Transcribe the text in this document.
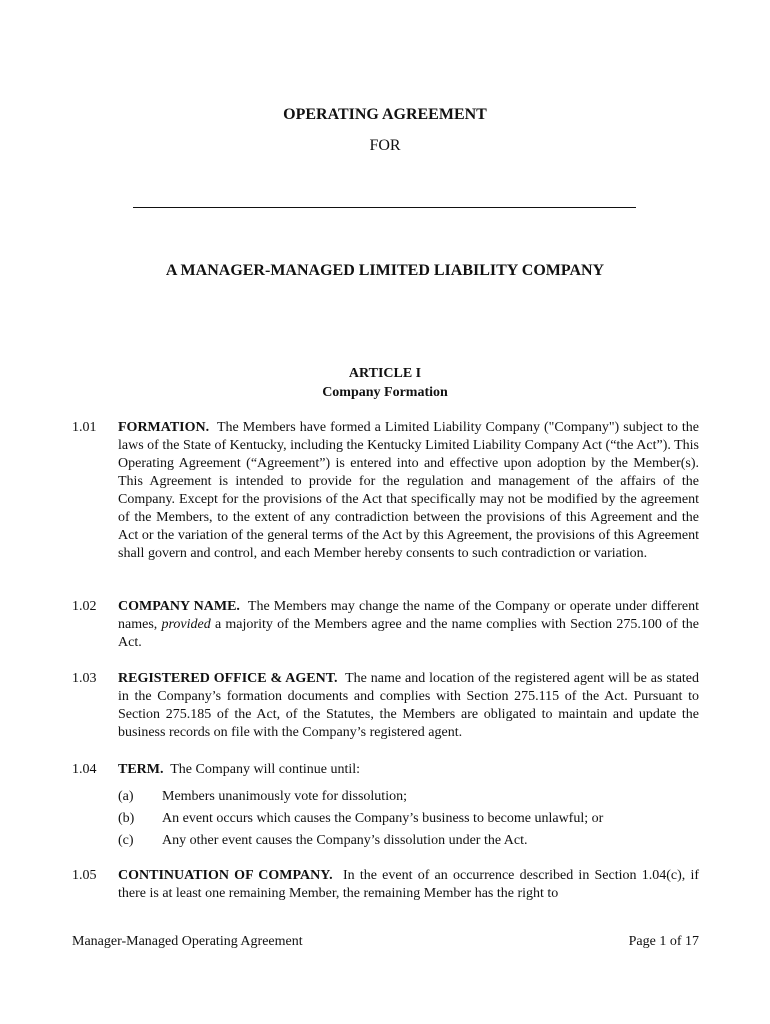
OPERATING AGREEMENT
FOR
A MANAGER-MANAGED LIMITED LIABILITY COMPANY
ARTICLE I
Company Formation
1.01 FORMATION. The Members have formed a Limited Liability Company ("Company") subject to the laws of the State of Kentucky, including the Kentucky Limited Liability Company Act (“the Act”). This Operating Agreement (“Agreement”) is entered into and effective upon adoption by the Member(s). This Agreement is intended to provide for the regulation and management of the affairs of the Company. Except for the provisions of the Act that specifically may not be modified by the agreement of the Members, to the extent of any contradiction between the provisions of this Agreement and the Act or the variation of the general terms of the Act by this Agreement, the provisions of this Agreement shall govern and control, and each Member hereby consents to such contradiction or variation.
1.02 COMPANY NAME. The Members may change the name of the Company or operate under different names, provided a majority of the Members agree and the name complies with Section 275.100 of the Act.
1.03 REGISTERED OFFICE & AGENT. The name and location of the registered agent will be as stated in the Company’s formation documents and complies with Section 275.115 of the Act. Pursuant to Section 275.185 of the Act, of the Statutes, the Members are obligated to maintain and update the business records on file with the Company’s registered agent.
1.04 TERM. The Company will continue until:
(a) Members unanimously vote for dissolution;
(b) An event occurs which causes the Company’s business to become unlawful; or
(c) Any other event causes the Company’s dissolution under the Act.
1.05 CONTINUATION OF COMPANY. In the event of an occurrence described in Section 1.04(c), if there is at least one remaining Member, the remaining Member has the right to
Manager-Managed Operating Agreement	Page 1 of 17
